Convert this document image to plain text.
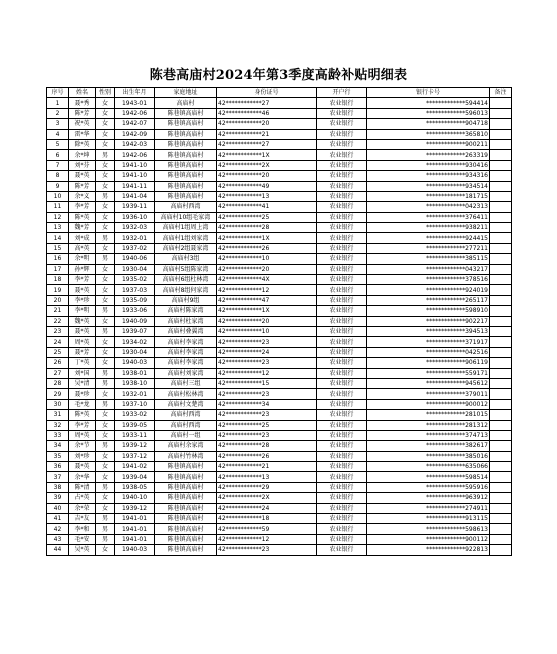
陈巷高庙村2024年第3季度高龄补贴明细表
序号	姓名	性别	出生年月	家庭地址	身份证号	开户行	银行卡号	备注
1	聂*秀	女	1943-01	高庙村	42************27	农业银行	*************594414	
2	陈*芳	女	1942-06	陈巷镇高庙村	42************46	农业银行	*************596013	
3	祝*英	女	1942-07	陈巷镇高庙村	42************20	农业银行	*************904718	
4	雷*华	女	1942-09	陈巷镇高庙村	42************21	农业银行	*************365810	
5	除*英	女	1942-03	陈巷镇高庙村	42************27	农业银行	*************900211	
6	余*坤	男	1942-06	陈巷镇高庙村	42************1X	农业银行	*************263319	
7	刘*芬	女	1941-10	陈巷镇高庙村	42************2X	农业银行	*************930416	
8	聂*英	女	1941-10	陈巷镇高庙村	42************20	农业银行	*************934316	
9	陈*芳	女	1941-11	陈巷镇高庙村	42************49	农业银行	*************934514	
10	余*义	男	1941-04	陈巷镇高庙村	42************13	农业银行	*************181715	
11	李*芳	女	1939-11	高庙村西湾	42************41	农业银行	*************042313	
12	陈*英	女	1936-10	高庙村10组毛家湾	42************25	农业银行	*************376411	
13	魏*芳	女	1932-03	高庙村1组周上湾	42************28	农业银行	*************938211	
14	刘*成	男	1932-01	高庙村1组刘家湾	42************1X	农业银行	*************924415	
15	高*英	女	1937-02	高庙村2组聂家湾	42************26	农业银行	*************277211	
16	余*明	男	1940-06	高庙村3组	42************10	农业银行	*************385115	
17	孙*辉	女	1930-04	高庙村5组陈家湾	42************20	农业银行	*************043217	
18	李*芳	女	1935-02	高庙村6组杜林湾	42************4X	农业银行	*************378516	
19	聂*英	女	1937-03	高庙村8组何家湾	42************12	农业银行	*************924019	
20	李*珍	女	1935-09	高庙村9组	42************47	农业银行	*************265117	
21	李*明	男	1933-06	高庙村陈家湾	42************1X	农业银行	*************598910	
22	魏*英	女	1940-09	高庙村杜家湾	42************20	农业银行	*************902217	
23	聂*英	男	1939-07	高庙村叠翼湾	42************10	农业银行	*************394513	
24	周*英	女	1934-02	高庙村李家湾	42************23	农业银行	*************371917	
25	聂*芳	女	1930-04	高庙村李家湾	42************24	农业银行	*************042516	
26	丁*英	女	1940-03	高庙村李家湾	42************23	农业银行	*************906119	
27	刘*国	男	1938-01	高庙村刘家湾	42************12	农业银行	*************559171	
28	吴*清	男	1938-10	高庙村三组	42************15	农业银行	*************945612	
29	聂*珍	女	1932-01	高庙村松林湾	42************23	农业银行	*************379011	
30	毛*龙	男	1937-10	高庙村文楚湾	42************34	农业银行	*************900012	
31	陈*英	女	1933-02	高庙村西湾	42************23	农业银行	*************281015	
32	李*芳	女	1939-05	高庙村西湾	42************25	农业银行	*************281312	
33	周*英	女	1933-11	高庙村一组	42************23	农业银行	*************374713	
34	余*节	男	1939-12	高庙村余家湾	42************28	农业银行	*************382617	
35	刘*珍	女	1937-12	高庙村竹林湾	42************26	农业银行	*************385016	
36	聂*英	女	1941-02	陈巷镇高庙村	42************21	农业银行	*************635066	
37	余*华	女	1939-04	陈巷镇高庙村	42************13	农业银行	*************598514	
38	陈*清	男	1938-05	陈巷镇高庙村	42************29	农业银行	*************595916	
39	占*英	女	1940-10	陈巷镇高庙村	42************2X	农业银行	*************963912	
40	余*荣	女	1939-12	陈巷镇高庙村	42************24	农业银行	*************274911	
41	吉*友	男	1941-01	陈巷镇高庙村	42************18	农业银行	*************913115	
42	李*和	男	1941-01	陈巷镇高庙村	42************59	农业银行	*************598613	
43	毛*安	男	1941-01	陈巷镇高庙村	42************12	农业银行	*************900112	
44	吴*英	女	1940-03	陈巷镇高庙村	42************23	农业银行	*************922813	
